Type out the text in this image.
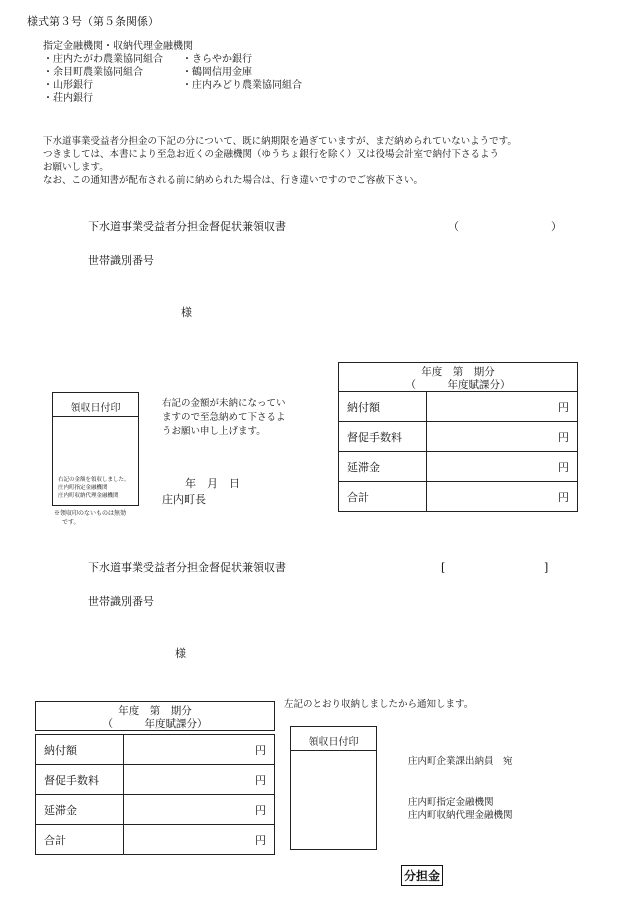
様式第３号（第５条関係）
指定金融機関・収納代理金融機関
・庄内たがわ農業協同組合
・余目町農業協同組合
・山形銀行
・荘内銀行
・きらやか銀行
・鶴岡信用金庫
・庄内みどり農業協同組合
下水道事業受益者分担金の下記の分について、既に納期限を過ぎていますが、まだ納められていないようです。
つきましては、本書により至急お近くの金融機関（ゆうちょ銀行を除く）又は役場会計室で納付下さるよう
お願いします。
なお、この通知書が配布される前に納められた場合は、行き違いですのでご容赦下さい。
下水道事業受益者分担金督促状兼領収書	（	）
世帯識別番号
様
領収日付印
右記の金額を領収しました。
庄内町指定金融機関
庄内町収納代理金融機関
※領収印のないものは無効
です。
右記の金額が未納になってい
ますので至急納めて下さるよ
うお願い申し上げます。
年　月　日
庄内町長
年度　第　期分
（　　　年度賦課分）
納付額	円
督促手数料	円
延滞金	円
合計	円
下水道事業受益者分担金督促状兼領収書	[	]
世帯識別番号
様
左記のとおり収納しましたから通知します。
年度　第　期分
（　　　年度賦課分）
納付額	円
督促手数料	円
延滞金	円
合計	円
領収日付印
庄内町企業課出納員　宛
庄内町指定金融機関
庄内町収納代理金融機関
分担金
